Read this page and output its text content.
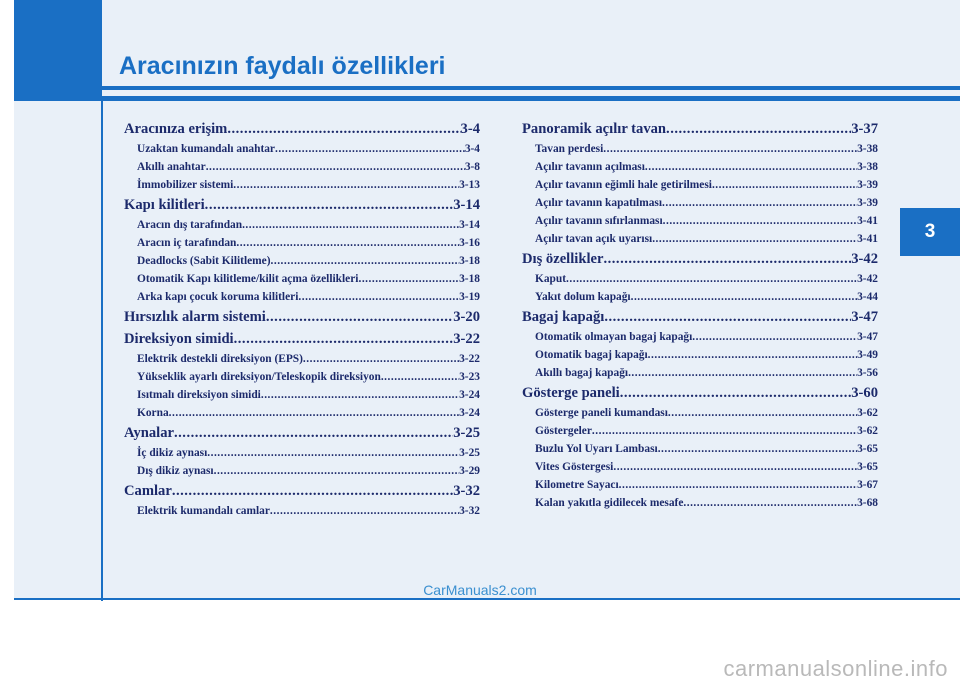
Aracınızın faydalı özellikleri
3
Aracınıza erişim .....	3-4
Uzaktan kumandalı anahtar .....	3-4
Akıllı anahtar .....	3-8
İmmobilizer sistemi .....	3-13
Kapı kilitleri .....	3-14
Aracın dış tarafından .....	3-14
Aracın iç tarafından .....	3-16
Deadlocks (Sabit Kilitleme) .....	3-18
Otomatik Kapı kilitleme/kilit açma özellikleri .....	3-18
Arka kapı çocuk koruma kilitleri .....	3-19
Hırsızlık alarm sistemi .....	3-20
Direksiyon simidi .....	3-22
Elektrik destekli direksiyon (EPS) .....	3-22
Yükseklik ayarlı direksiyon/Teleskopik direksiyon .....	3-23
Isıtmalı direksiyon simidi .....	3-24
Korna .....	3-24
Aynalar .....	3-25
İç dikiz aynası .....	3-25
Dış dikiz aynası .....	3-29
Camlar .....	3-32
Elektrik kumandalı camlar .....	3-32
Panoramik açılır tavan .....	3-37
Tavan perdesi .....	3-38
Açılır tavanın açılması .....	3-38
Açılır tavanın eğimli hale getirilmesi .....	3-39
Açılır tavanın kapatılması .....	3-39
Açılır tavanın sıfırlanması .....	3-41
Açılır tavan açık uyarısı .....	3-41
Dış özellikler .....	3-42
Kaput .....	3-42
Yakıt dolum kapağı .....	3-44
Bagaj kapağı .....	3-47
Otomatik olmayan bagaj kapağı .....	3-47
Otomatik bagaj kapağı .....	3-49
Akıllı bagaj kapağı .....	3-56
Gösterge paneli .....	3-60
Gösterge paneli kumandası .....	3-62
Göstergeler .....	3-62
Buzlu Yol Uyarı Lambası .....	3-65
Vites Göstergesi .....	3-65
Kilometre Sayacı .....	3-67
Kalan yakıtla gidilecek mesafe .....	3-68
CarManuals2.com
carmanualsonline.info
